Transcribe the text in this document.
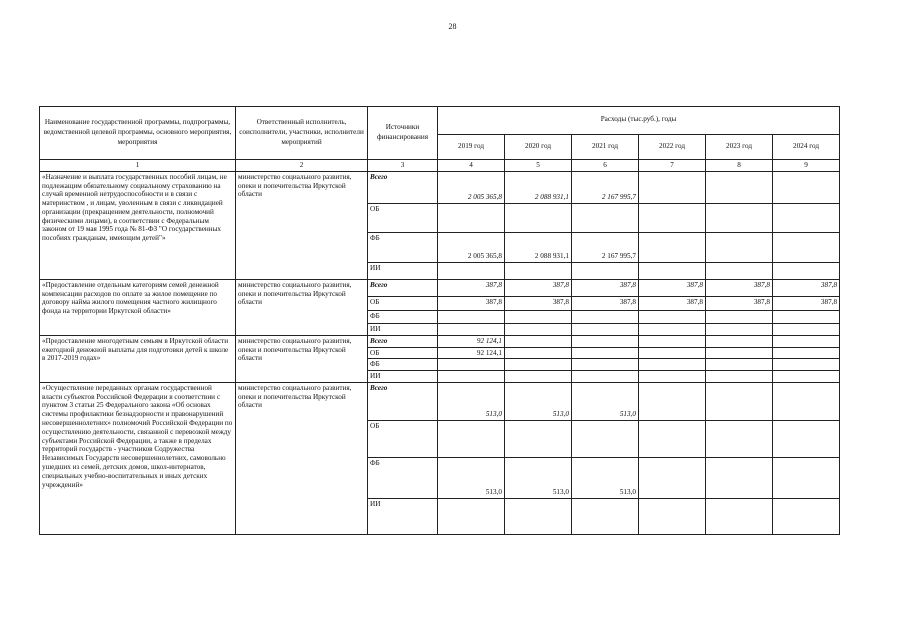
28
Наименование государственной программы, подпрограммы, ведомственной целевой программы, основного мероприятия, мероприятия	Ответственный исполнитель, соисполнители, участники, исполнители мероприятий	Источники финансирования	Расходы (тыс.руб.), годы					
			2019 год	2020 год	2021 год	2022 год	2023 год	2024 год
1	2	3	4	5	6	7	8	9
«Назначение и выплата государственных пособий лицам, не подлежащим обязательному социальному страхованию на случай временной нетрудоспособности и в связи с материнством , и лицам, уволенным в связи с ликвидацией организации (прекращением деятельности, полномочий физическими лицами), в соответствии с Федеральным законом от 19 мая 1995 года № 81-ФЗ "О государственных пособиях гражданам, имеющим детей"»	министерство социального развития, опеки и попечительства Иркутской области	Всего	2 005 365,8	2 088 931,1	2 167 995,7			
		ОБ						
		ФБ	2 005 365,8	2 088 931,1	2 167 995,7			
		ИИ						
«Предоставление отдельным категориям семей денежной компенсации расходов по оплате за жилое помещение по договору найма жилого помещения частного жилищного фонда на территории Иркутской области»	министерство социального развития, опеки и попечительства Иркутской области	Всего	387,8	387,8	387,8	387,8	387,8	387,8
		ОБ	387,8	387,8	387,8	387,8	387,8	387,8
		ФБ						
		ИИ						
«Предоставление многодетным семьям в Иркутской области ежегодной денежной выплаты для подготовки детей к школе в 2017-2019 годах»	министерство социального развития, опеки и попечительства Иркутской области	Всего	92 124,1					
		ОБ	92 124,1					
		ФБ						
		ИИ						
«Осуществление переданных органам государственной власти субъектов Российской Федерации в соответствии с пунктом 3 статьи 25 Федерального закона «Об основах системы профилактики безнадзорности и правонарушений несовершеннолетних» полномочий Российской Федерации по осуществлению деятельности, связанной с перевозкой между субъектами Российской Федерации, а также в пределах территорий государств - участников Содружества Независимых Государств несовершеннолетних, самовольно ушедших из семей, детских домов, школ-интернатов, специальных учебно-воспитательных и иных детских учреждений»	министерство социального развития, опеки и попечительства Иркутской области	Всего	513,0	513,0	513,0			
		ОБ						
		ФБ	513,0	513,0	513,0			
		ИИ						
